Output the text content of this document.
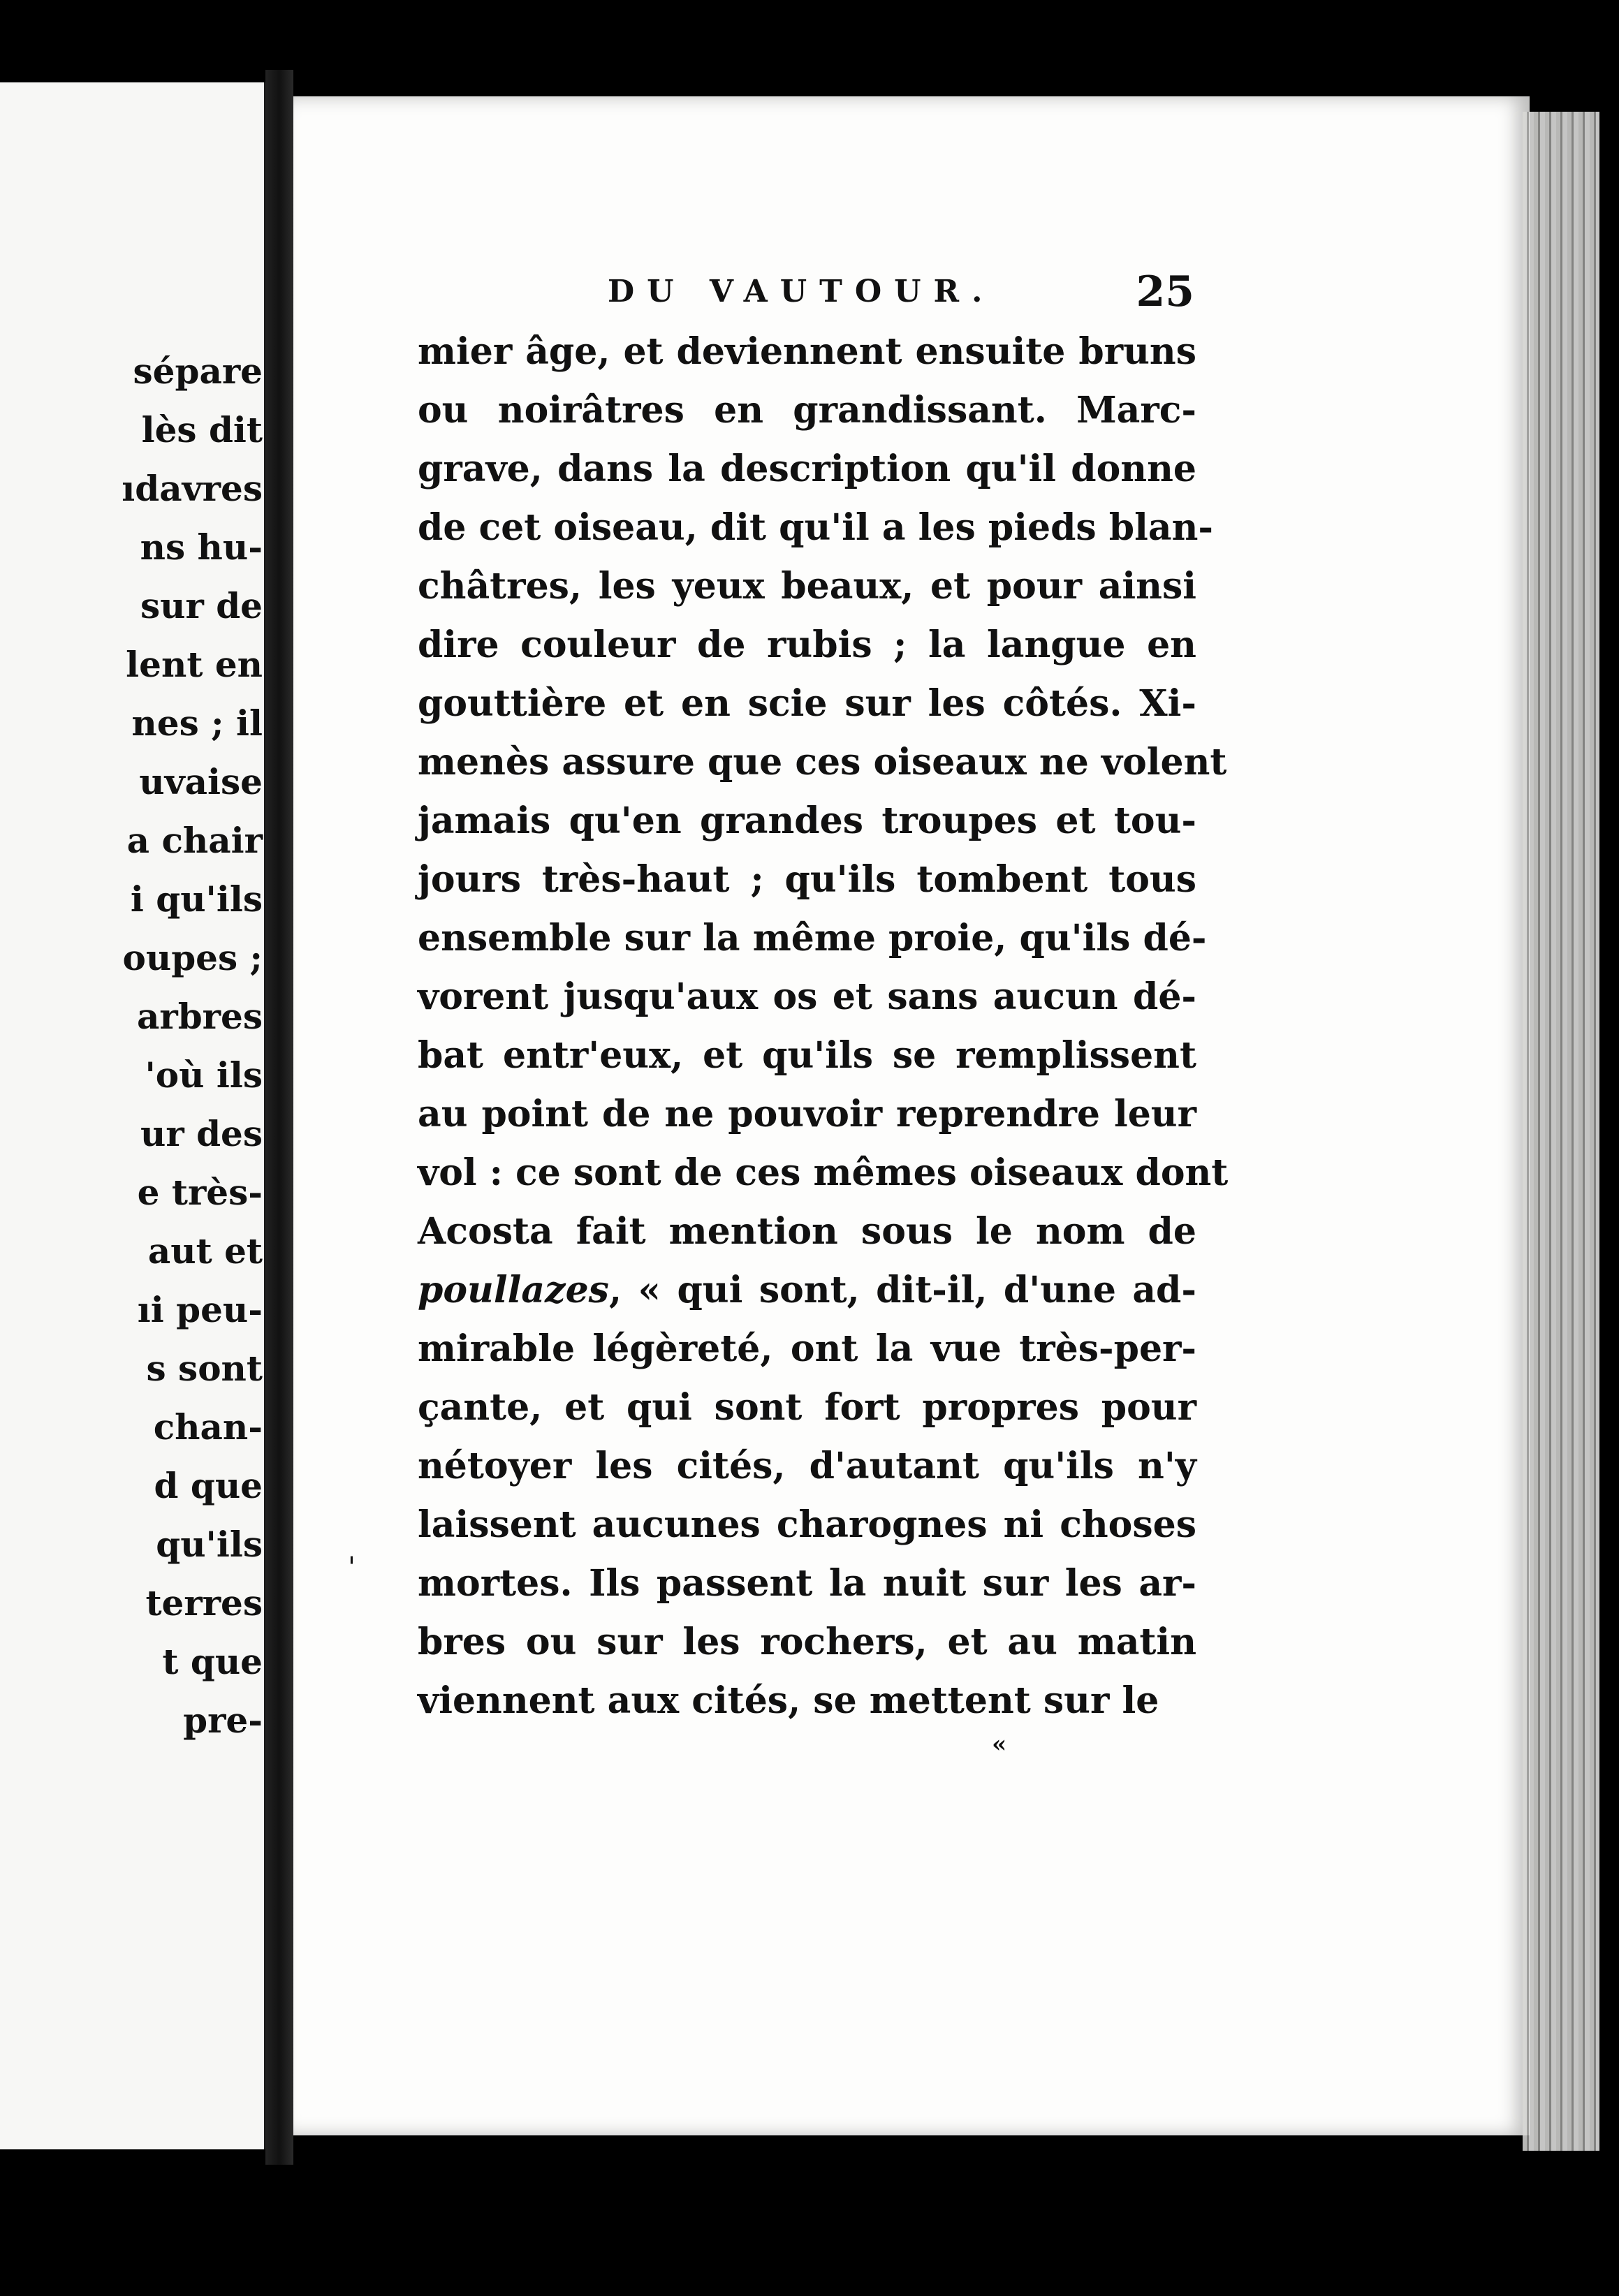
sépare
lès dit
ıdavres
ns hu-
sur de
lent en
nes ; il
uvaise
a chair
i qu'ils
oupes ;
arbres
'où ils
ur des
e très-
aut et
ıi peu-
s sont
chan-
d que
qu'ils
terres
t que
pre-
DU VAUTOUR.	25
mier âge, et deviennent ensuite bruns
ou noirâtres en grandissant. Marc-
grave, dans la description qu'il donne
de cet oiseau, dit qu'il a les pieds blan-
châtres, les yeux beaux, et pour ainsi
dire couleur de rubis ; la langue en
gouttière et en scie sur les côtés. Xi-
menès assure que ces oiseaux ne volent
jamais qu'en grandes troupes et tou-
jours très-haut ; qu'ils tombent tous
ensemble sur la même proie, qu'ils dé-
vorent jusqu'aux os et sans aucun dé-
bat entr'eux, et qu'ils se remplissent
au point de ne pouvoir reprendre leur
vol : ce sont de ces mêmes oiseaux dont
Acosta fait mention sous le nom de
poullazes, « qui sont, dit-il, d'une ad-
mirable légèreté, ont la vue très-per-
çante, et qui sont fort propres pour
nétoyer les cités, d'autant qu'ils n'y
laissent aucunes charognes ni choses
mortes. Ils passent la nuit sur les ar-
bres ou sur les rochers, et au matin
viennent aux cités, se mettent sur le
'
«
